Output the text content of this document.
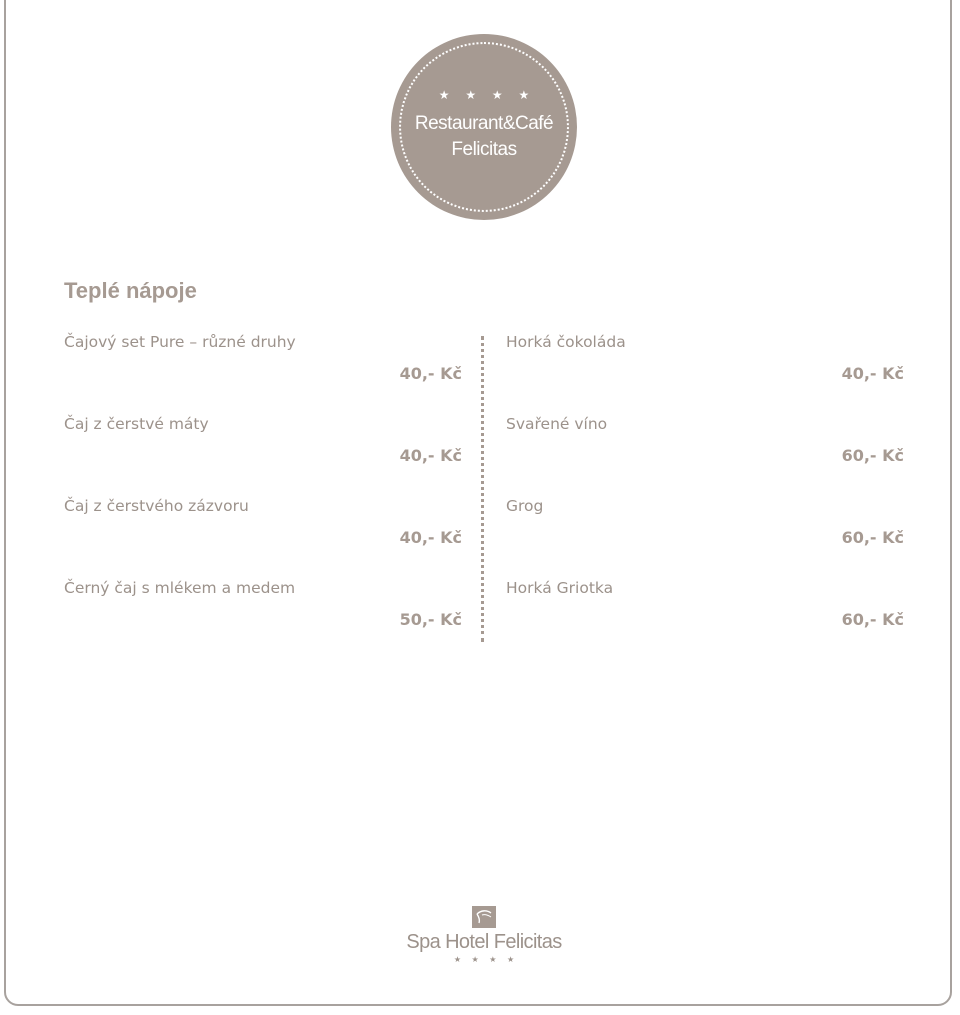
★ ★ ★ ★
Restaurant&Café
Felicitas
Teplé nápoje
Čajový set Pure – různé druhy
40,- Kč
Čaj z čerstvé máty
40,- Kč
Čaj z čerstvého zázvoru
40,- Kč
Černý čaj s mlékem a medem
50,- Kč
Horká čokoláda
40,- Kč
Svařené víno
60,- Kč
Grog
60,- Kč
Horká Griotka
60,- Kč
Spa Hotel Felicitas
★ ★ ★ ★
